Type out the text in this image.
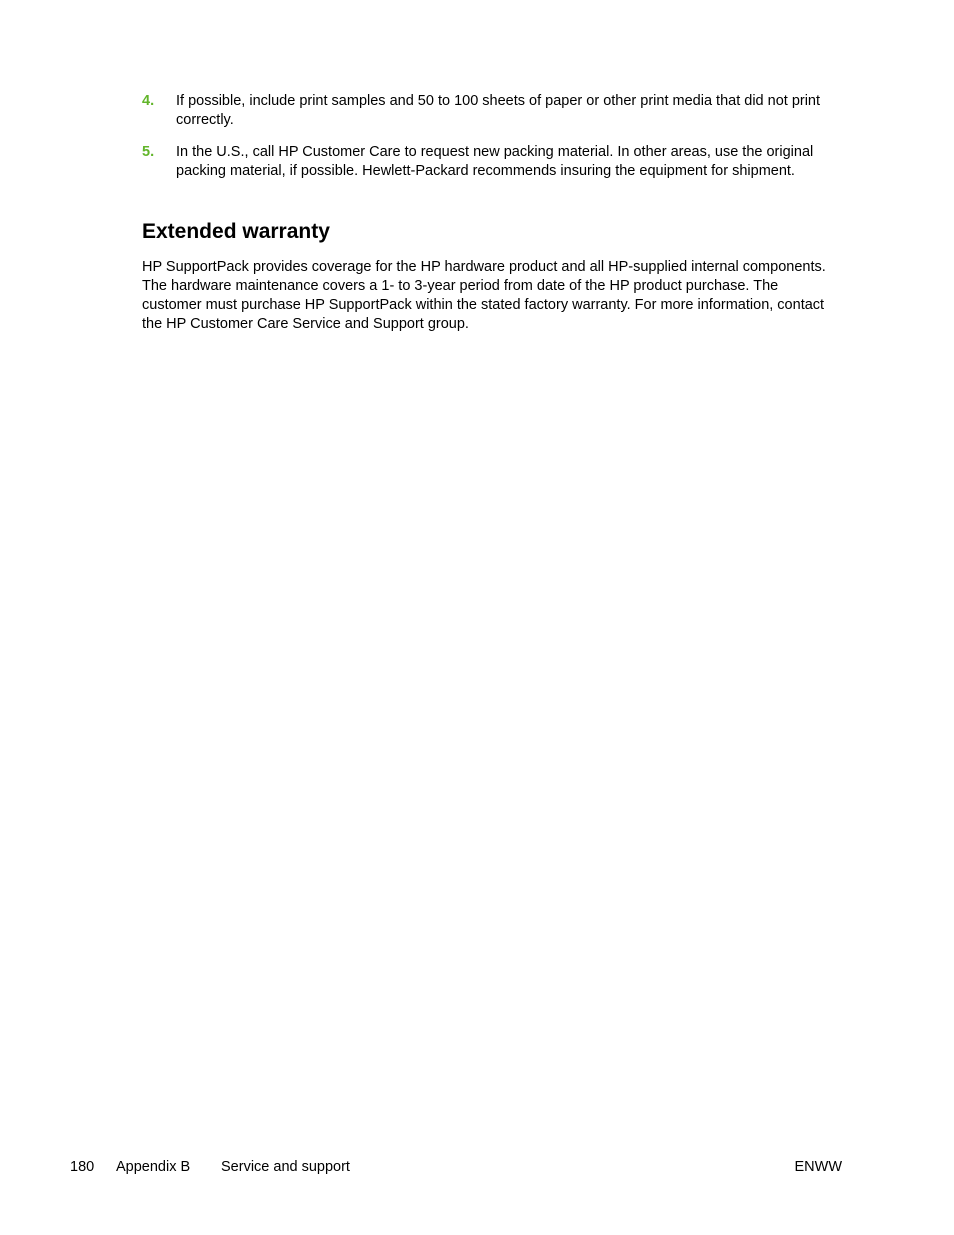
4.	If possible, include print samples and 50 to 100 sheets of paper or other print media that did not print correctly.
5.	In the U.S., call HP Customer Care to request new packing material. In other areas, use the original packing material, if possible. Hewlett-Packard recommends insuring the equipment for shipment.
Extended warranty

HP SupportPack provides coverage for the HP hardware product and all HP-supplied internal components. The hardware maintenance covers a 1- to 3-year period from date of the HP product purchase. The customer must purchase HP SupportPack within the stated factory warranty. For more information, contact the HP Customer Care Service and Support group.

180 Appendix B Service and support	ENWW
